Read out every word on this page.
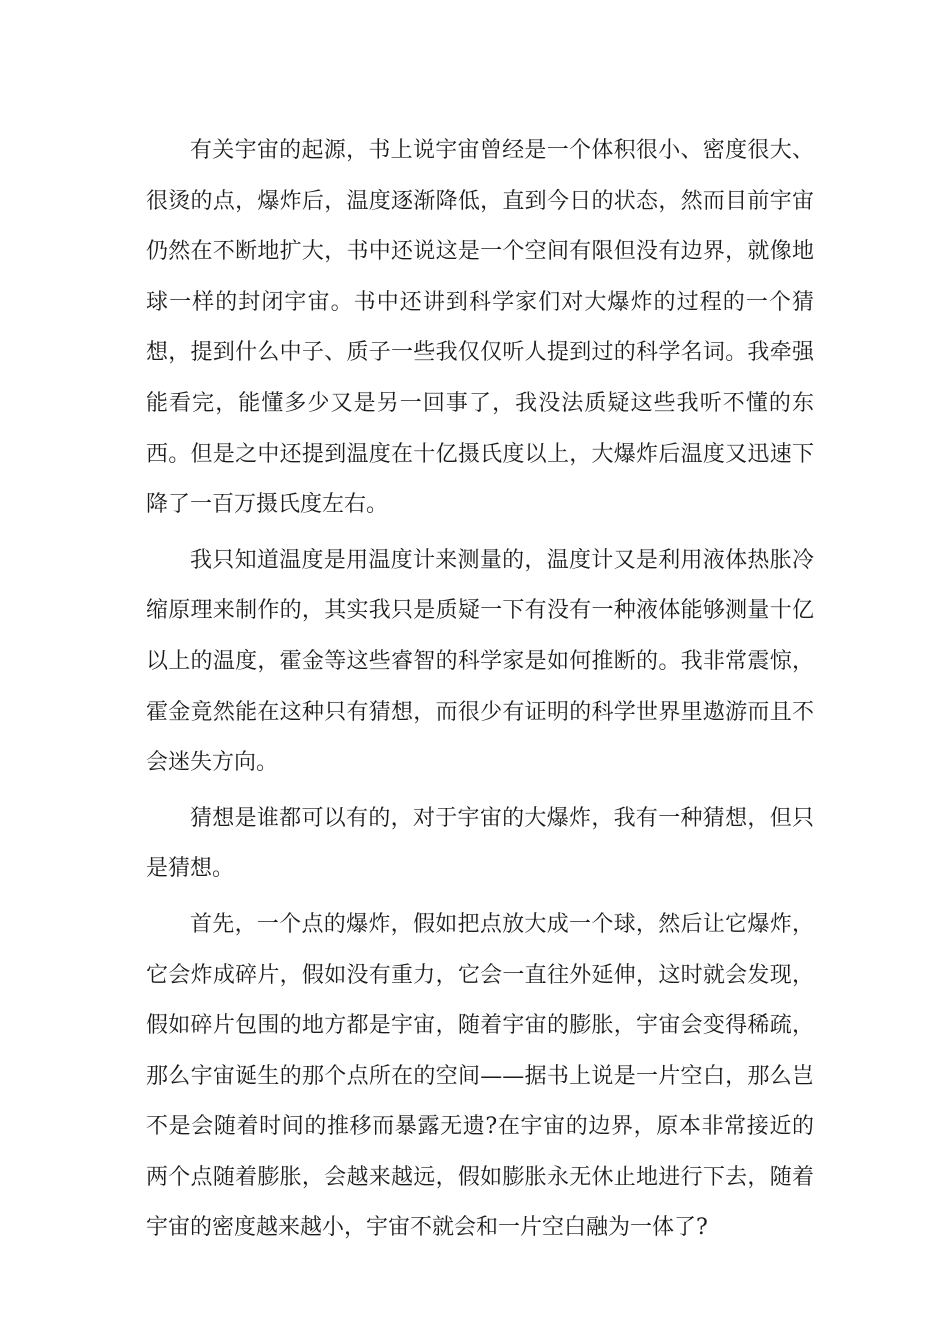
有关宇宙的起源，书上说宇宙曾经是一个体积很小、密度很大、很烫的点，爆炸后，温度逐渐降低，直到今日的状态，然而目前宇宙仍然在不断地扩大，书中还说这是一个空间有限但没有边界，就像地球一样的封闭宇宙。书中还讲到科学家们对大爆炸的过程的一个猜想，提到什么中子、质子一些我仅仅听人提到过的科学名词。我牵强能看完，能懂多少又是另一回事了，我没法质疑这些我听不懂的东西。但是之中还提到温度在十亿摄氏度以上，大爆炸后温度又迅速下降了一百万摄氏度左右。

我只知道温度是用温度计来测量的，温度计又是利用液体热胀冷缩原理来制作的，其实我只是质疑一下有没有一种液体能够测量十亿以上的温度，霍金等这些睿智的科学家是如何推断的。我非常震惊，霍金竟然能在这种只有猜想，而很少有证明的科学世界里遨游而且不会迷失方向。

猜想是谁都可以有的，对于宇宙的大爆炸，我有一种猜想，但只是猜想。

首先，一个点的爆炸，假如把点放大成一个球，然后让它爆炸，它会炸成碎片，假如没有重力，它会一直往外延伸，这时就会发现，假如碎片包围的地方都是宇宙，随着宇宙的膨胀，宇宙会变得稀疏，那么宇宙诞生的那个点所在的空间——据书上说是一片空白，那么岂不是会随着时间的推移而暴露无遗?在宇宙的边界，原本非常接近的两个点随着膨胀，会越来越远，假如膨胀永无休止地进行下去，随着宇宙的密度越来越小，宇宙不就会和一片空白融为一体了?
